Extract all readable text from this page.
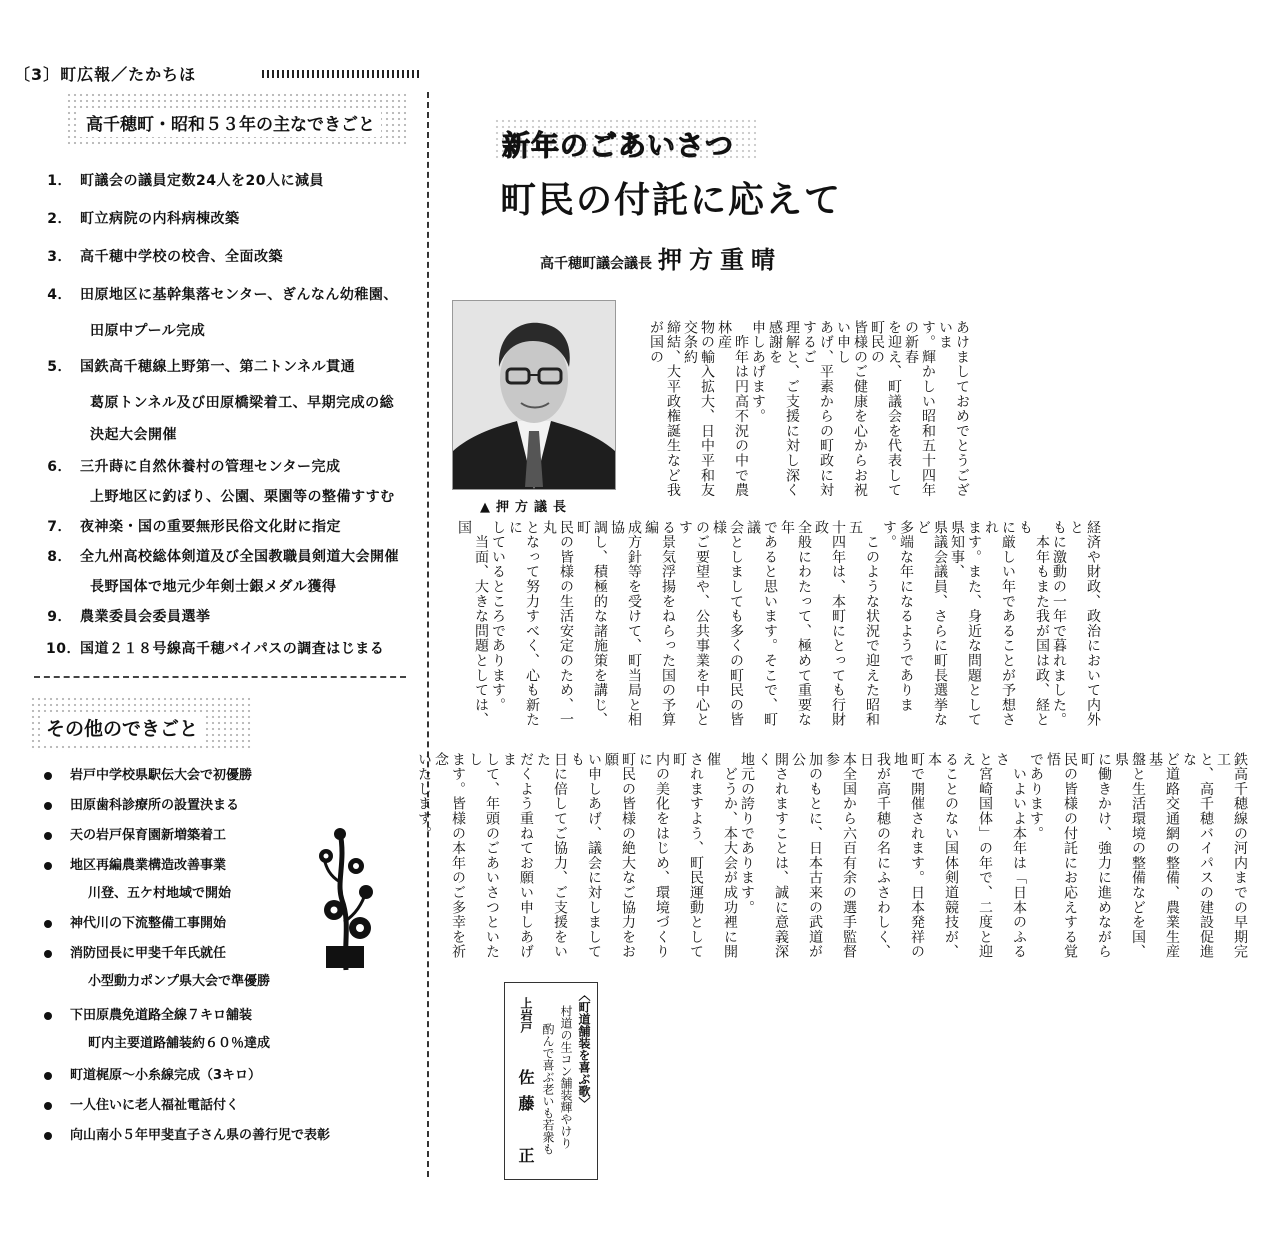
〔3〕町広報／たかちほ
高千穂町・昭和５３年の主なできごと
1． 町議会の議員定数24人を20人に減員
2． 町立病院の内科病棟改築
3． 高千穂中学校の校舎、全面改築
4． 田原地区に基幹集落センター、ぎんなん幼稚園、
田原中プール完成
5． 国鉄高千穂線上野第一、第二トンネル貫通
葛原トンネル及び田原橋梁着工、早期完成の総
決起大会開催
6． 三升蒔に自然休養村の管理センター完成
上野地区に釣ぼり、公園、栗園等の整備すすむ
7． 夜神楽・国の重要無形民俗文化財に指定
8． 全九州高校総体剣道及び全国教職員剣道大会開催
長野国体で地元少年剣士銀メダル獲得
9． 農業委員会委員選挙
10．国道２１８号線高千穂バイパスの調査はじまる
その他のできごと
岩戸中学校県駅伝大会で初優勝
田原歯科診療所の設置決まる
天の岩戸保育園新増築着工
地区再編農業構造改善事業
川登、五ケ村地域で開始
神代川の下流整備工事開始
消防団長に甲斐千年氏就任
小型動力ポンプ県大会で準優勝
下田原農免道路全線７キロ舗装
町内主要道路舗装約６０％達成
町道梶原～小糸線完成（3キロ）
一人住いに老人福祉電話付く
向山南小５年甲斐直子さん県の善行児で表彰
新年のごあいさつ
町民の付託に応えて
高千穂町議会議長 押方重晴
▲押方議長

あけましておめでとうございま
す。輝かしい昭和五十四年の新春
を迎え、町議会を代表して町民の
皆様のご健康を心からお祝い申し
あげ、平素からの町政に対するご
理解と、ご支援に対し深く感謝を
申しあげます。
　昨年は円高不況の中で農林産
物の輸入拡大、日中平和友交条約
締結、大平政権誕生など我が国の

経済や財政、政治において内外と
もに激動の一年で暮れました。
　本年もまた我が国は政、経とも
に厳しい年であることが予想され
ます。また、身近な問題として県知事、
県議会議員、さらに町長選挙など
多端な年になるようであります。
　このような状況で迎えた昭和五
十四年は、本町にとっても行財政
全般にわたって、極めて重要な年
であると思います。そこで、町議
会としましても多くの町民の皆様
のご要望や、公共事業を中心とす
る景気浮揚をねらった国の予算編
成方針等を受けて、町当局と相協
調し、積極的な諸施策を講じ、町
民の皆様の生活安定のため、一丸
となって努力すべく、心も新たに
しているところであります。
　当面、大きな問題としては、国

鉄高千穂線の河内までの早期完工
と、高千穂バイパスの建設促進な
ど道路交通網の整備、農業生産基
盤と生活環境の整備などを国、県
に働きかけ、強力に進めながら町
民の皆様の付託にお応えする覚悟
であります。
　いよいよ本年は「日本のふるさ
と宮崎国体」の年で、二度と迎え
ることのない国体剣道競技が、本
町で開催されます。日本発祥の地
我が高千穂の名にふさわしく、日
本全国から六百有余の選手監督参
加のもとに、日本古来の武道が公
開されますことは、誠に意義深く
地元の誇りであります。
　どうか、本大会が成功裡に開催
されますよう、町民運動として町
内の美化をはじめ、環境づくりに
町民の皆様の絶大なご協力をお願
い申しあげ、議会に対しましても
日に倍してご協力、ご支援をいた
だくよう重ねてお願い申しあげま
して、年頭のごあいさつといたし
ます。皆様の本年のご多幸を祈念
いたします。

〈町道舗装を喜ぶ歌〉
村道の生コン舗装輝やけり
酌んで喜ぶ老いも若衆も
上岩戸
佐藤　正
